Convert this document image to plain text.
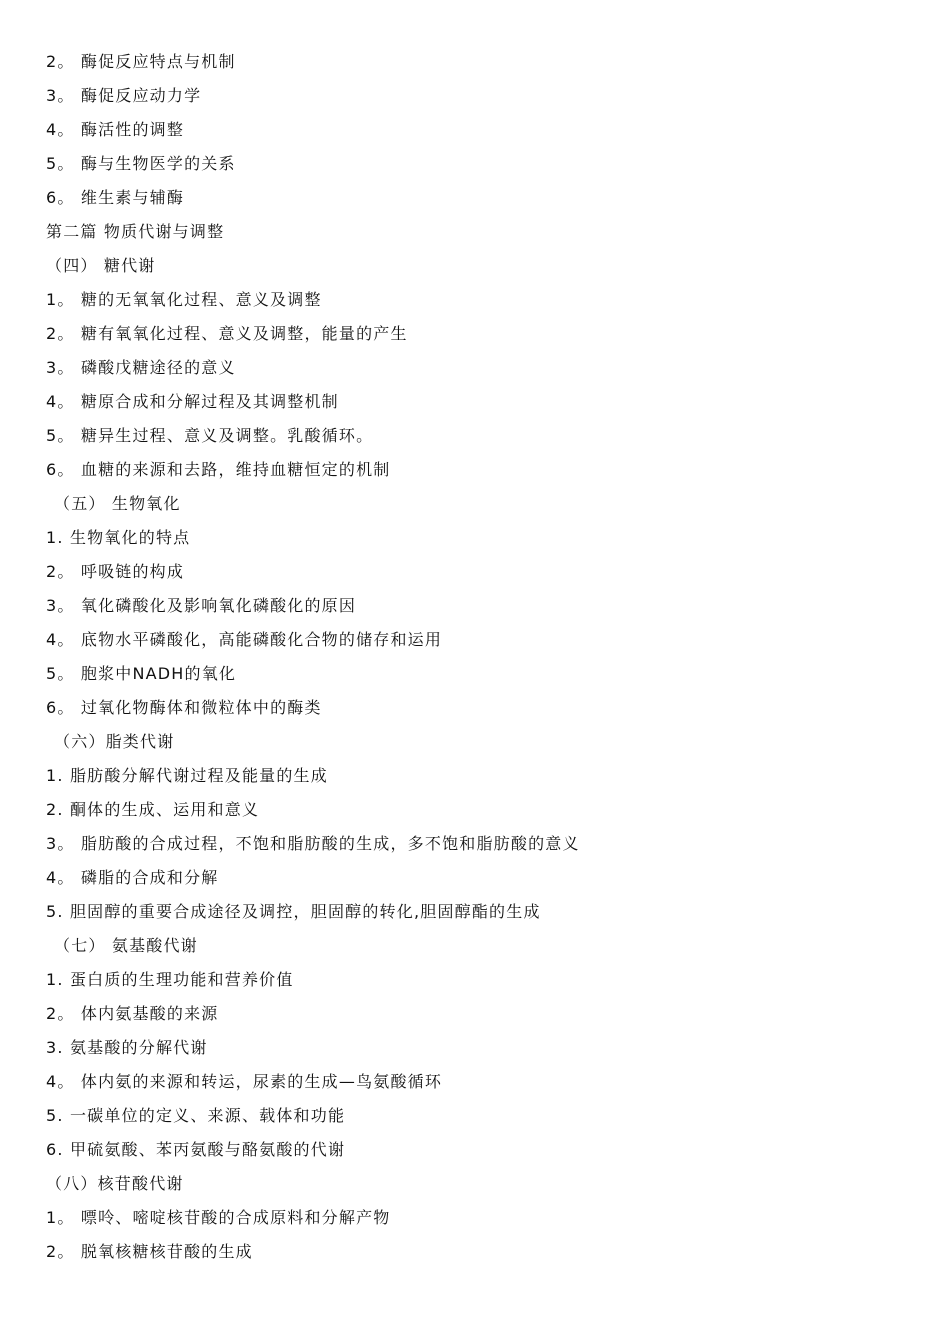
2。 酶促反应特点与机制
3。 酶促反应动力学
4。 酶活性的调整
5。 酶与生物医学的关系
6。 维生素与辅酶
第二篇 物质代谢与调整
（四） 糖代谢
1。 糖的无氧氧化过程、意义及调整
2。 糖有氧氧化过程、意义及调整，能量的产生
3。 磷酸戊糖途径的意义
4。 糖原合成和分解过程及其调整机制
5。 糖异生过程、意义及调整。乳酸循环。
6。 血糖的来源和去路，维持血糖恒定的机制
（五） 生物氧化
1. 生物氧化的特点
2。 呼吸链的构成
3。 氧化磷酸化及影响氧化磷酸化的原因
4。 底物水平磷酸化，高能磷酸化合物的储存和运用
5。 胞浆中NADH的氧化
6。 过氧化物酶体和微粒体中的酶类
（六）脂类代谢
1. 脂肪酸分解代谢过程及能量的生成
2. 酮体的生成、运用和意义
3。 脂肪酸的合成过程，不饱和脂肪酸的生成，多不饱和脂肪酸的意义
4。 磷脂的合成和分解
5. 胆固醇的重要合成途径及调控，胆固醇的转化,胆固醇酯的生成
（七） 氨基酸代谢
1. 蛋白质的生理功能和营养价值
2。 体内氨基酸的来源
3. 氨基酸的分解代谢
4。 体内氨的来源和转运，尿素的生成—鸟氨酸循环
5. 一碳单位的定义、来源、载体和功能
6. 甲硫氨酸、苯丙氨酸与酪氨酸的代谢
（八）核苷酸代谢
1。 嘌呤、嘧啶核苷酸的合成原料和分解产物
2。 脱氧核糖核苷酸的生成
